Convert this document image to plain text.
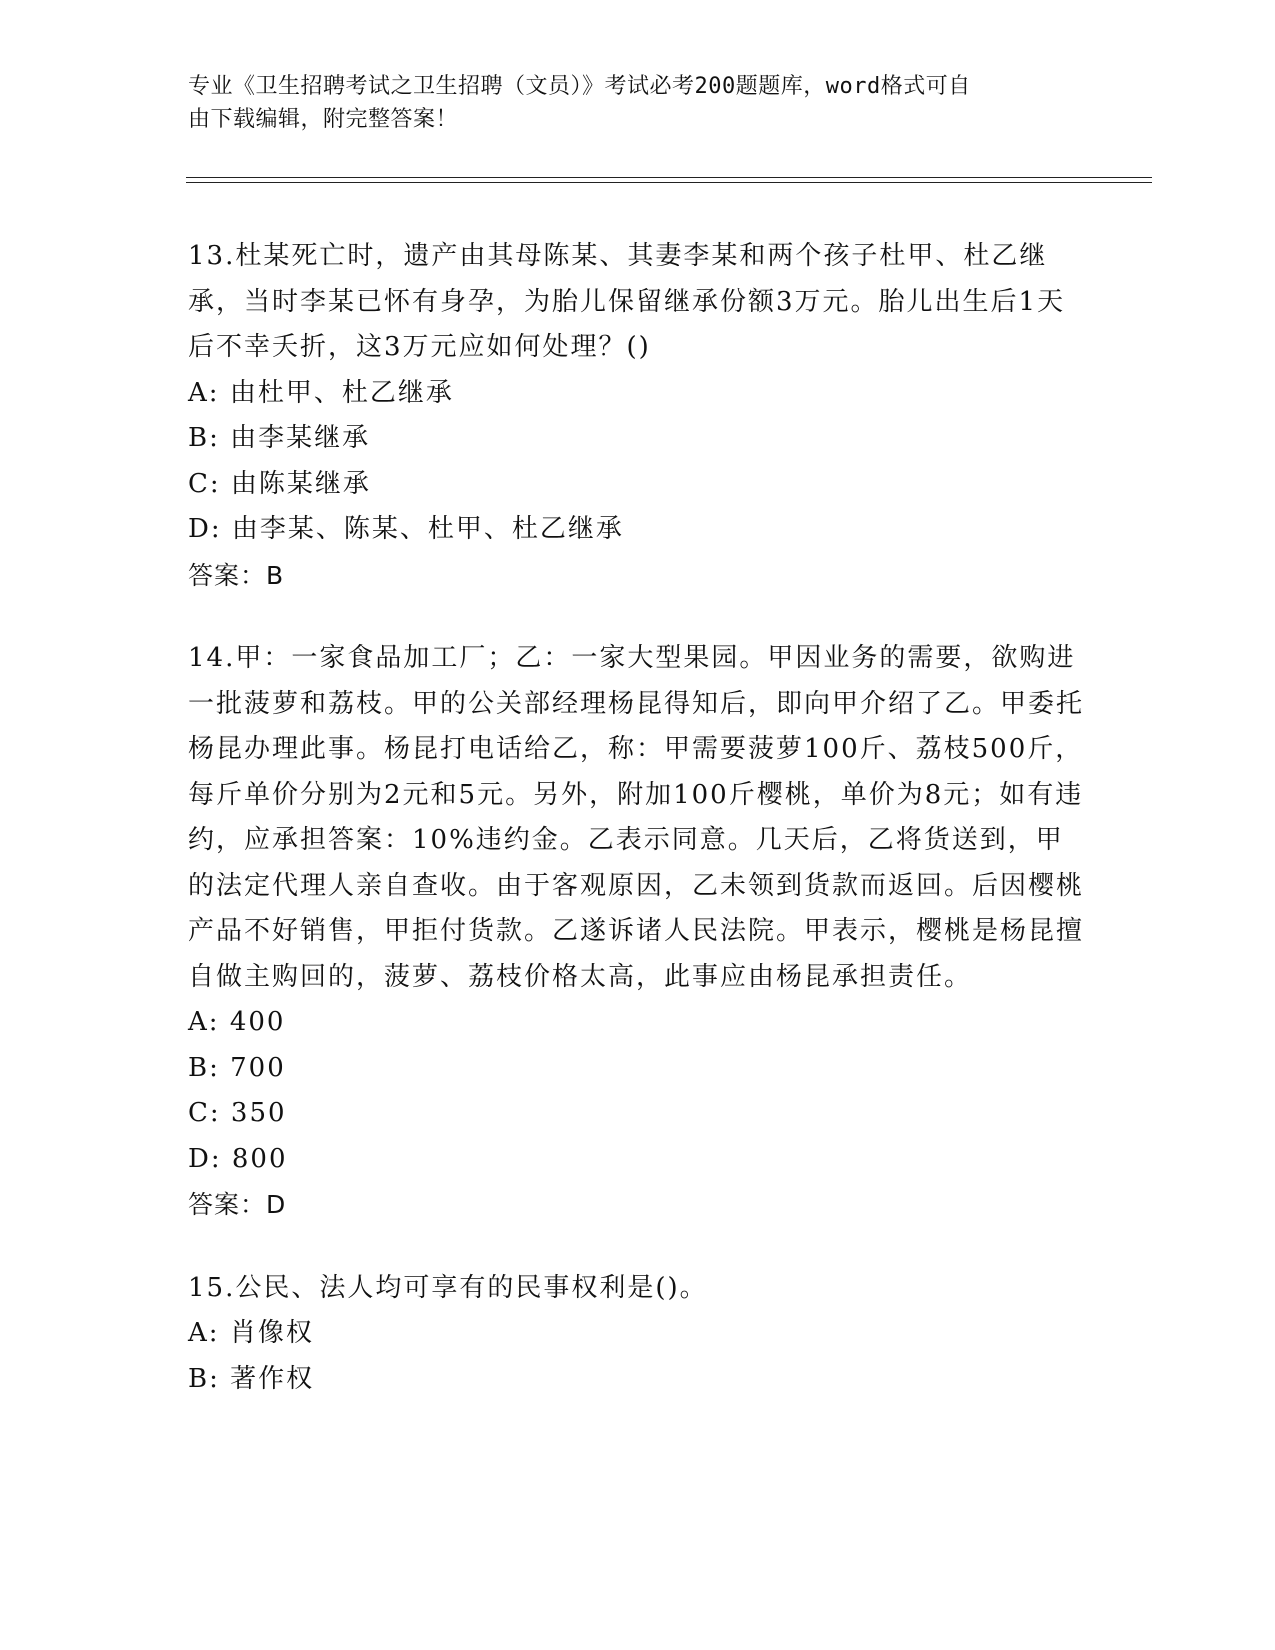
专业《卫生招聘考试之卫生招聘（文员）》考试必考200题题库，word格式可自
由下载编辑，附完整答案！
13.杜某死亡时，遗产由其母陈某、其妻李某和两个孩子杜甲、杜乙继承，当时李某已怀有身孕，为胎儿保留继承份额3万元。胎儿出生后1天后不幸夭折，这3万元应如何处理？()
A: 由杜甲、杜乙继承
B: 由李某继承
C: 由陈某继承
D: 由李某、陈某、杜甲、杜乙继承
答案：B
14.甲：一家食品加工厂；乙：一家大型果园。甲因业务的需要，欲购进一批菠萝和荔枝。甲的公关部经理杨昆得知后，即向甲介绍了乙。甲委托杨昆办理此事。杨昆打电话给乙，称：甲需要菠萝100斤、荔枝500斤，每斤单价分别为2元和5元。另外，附加100斤樱桃，单价为8元；如有违约，应承担答案：10%违约金。乙表示同意。几天后，乙将货送到，甲的法定代理人亲自查收。由于客观原因，乙未领到货款而返回。后因樱桃产品不好销售，甲拒付货款。乙遂诉诸人民法院。甲表示，樱桃是杨昆擅自做主购回的，菠萝、荔枝价格太高，此事应由杨昆承担责任。
A: 400
B: 700
C: 350
D: 800
答案：D
15.公民、法人均可享有的民事权利是()。
A: 肖像权
B: 著作权
